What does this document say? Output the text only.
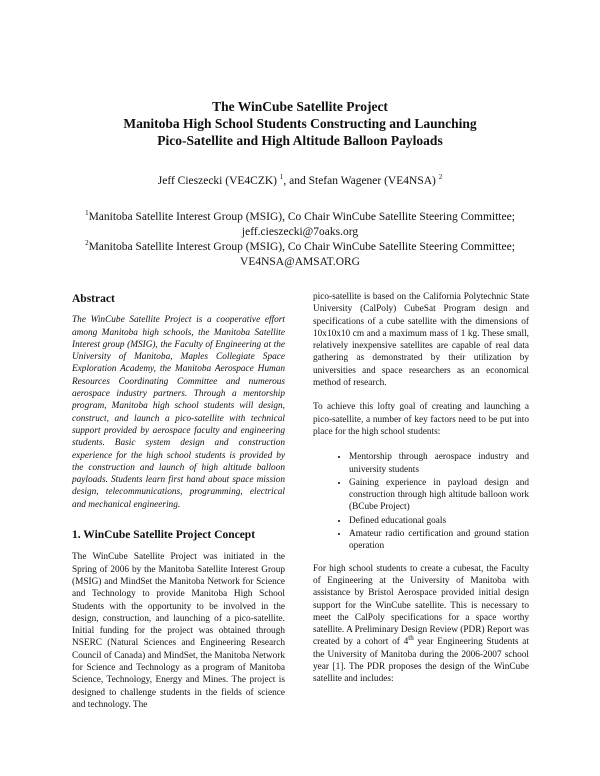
The WinCube Satellite Project
Manitoba High School Students Constructing and Launching
Pico-Satellite and High Altitude Balloon Payloads
Jeff Cieszecki (VE4CZK) $^1$, and Stefan Wagener (VE4NSA) $^2$
$^1$Manitoba Satellite Interest Group (MSIG), Co Chair WinCube Satellite Steering Committee;
jeff.cieszecki@7oaks.org
$^2$Manitoba Satellite Interest Group (MSIG), Co Chair WinCube Satellite Steering Committee;
VE4NSA@AMSAT.ORG
Abstract

The WinCube Satellite Project is a cooperative effort among Manitoba high schools, the Manitoba Satellite Interest group (MSIG), the Faculty of Engineering at the University of Manitoba, Maples Collegiate Space Exploration Academy, the Manitoba Aerospace Human Resources Coordinating Committee and numerous aerospace industry partners. Through a mentorship program, Manitoba high school students will design, construct, and launch a pico-satellite with technical support provided by aerospace faculty and engineering students. Basic system design and construction experience for the high school students is provided by the construction and launch of high altitude balloon payloads. Students learn first hand about space mission design, telecommunications, programming, electrical and mechanical engineering.

1. WinCube Satellite Project Concept

The WinCube Satellite Project was initiated in the Spring of 2006 by the Manitoba Satellite Interest Group (MSIG) and MindSet the Manitoba Network for Science and Technology to provide Manitoba High School Students with the opportunity to be involved in the design, construction, and launching of a pico-satellite. Initial funding for the project was obtained through NSERC (Natural Sciences and Engineering Research Council of Canada) and MindSet, the Manitoba Network for Science and Technology as a program of Manitoba Science, Technology, Energy and Mines. The project is designed to challenge students in the fields of science and technology. The

pico-satellite is based on the California Polytechnic State University (CalPoly) CubeSat Program design and specifications of a cube satellite with the dimensions of 10x10x10 cm and a maximum mass of 1 kg. These small, relatively inexpensive satellites are capable of real data gathering as demonstrated by their utilization by universities and space researchers as an economical method of research.

To achieve this lofty goal of creating and launching a pico-satellite, a number of key factors need to be put into place for the high school students:

• Mentorship through aerospace industry and university students
• Gaining experience in payload design and construction through high altitude balloon work (BCube Project)
• Defined educational goals
• Amateur radio certification and ground station operation

For high school students to create a cubesat, the Faculty of Engineering at the University of Manitoba with assistance by Bristol Aerospace provided initial design support for the WinCube satellite. This is necessary to meet the CalPoly specifications for a space worthy satellite. A Preliminary Design Review (PDR) Report was created by a cohort of 4th year Engineering Students at the University of Manitoba during the 2006-2007 school year [1]. The PDR proposes the design of the WinCube satellite and includes:
